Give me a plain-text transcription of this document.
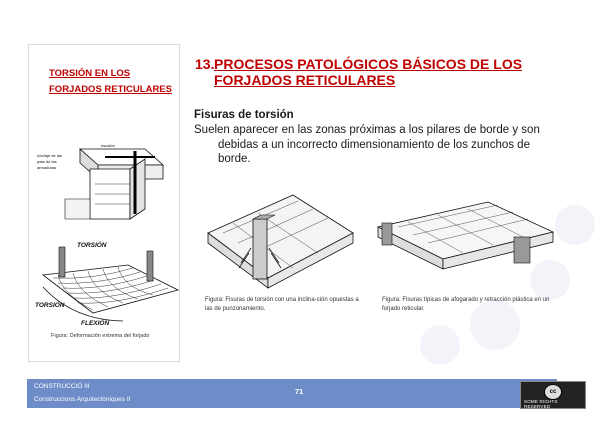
TORSIÓN EN LOS
FORJADOS RETICULARES
Anclaje de las
pata de las
armaduras
escalón
TORSIÓN
TORSIÓN
FLEXIÓN
Figura: Deformación extrema del forjado
13. PROCESOS PATOLÓGICOS BÁSICOS DE LOS FORJADOS RETICULARES
Fisuras de torsión
Suelen aparecer en las zonas próximas a los pilares de borde y son
debidas a un incorrecto dimensionamiento de los zunchos de borde.
Figura: Fisuras de torsión con una inclina-ción opuestas a las de punzonamiento.
Figura: Fisuras típicas de afogarado y retracción plástica en un forjado reticular.
CONSTRUCCIÓ III
Construccions Arquitectòniques II
71	cc
SOME RIGHTS RESERVED
